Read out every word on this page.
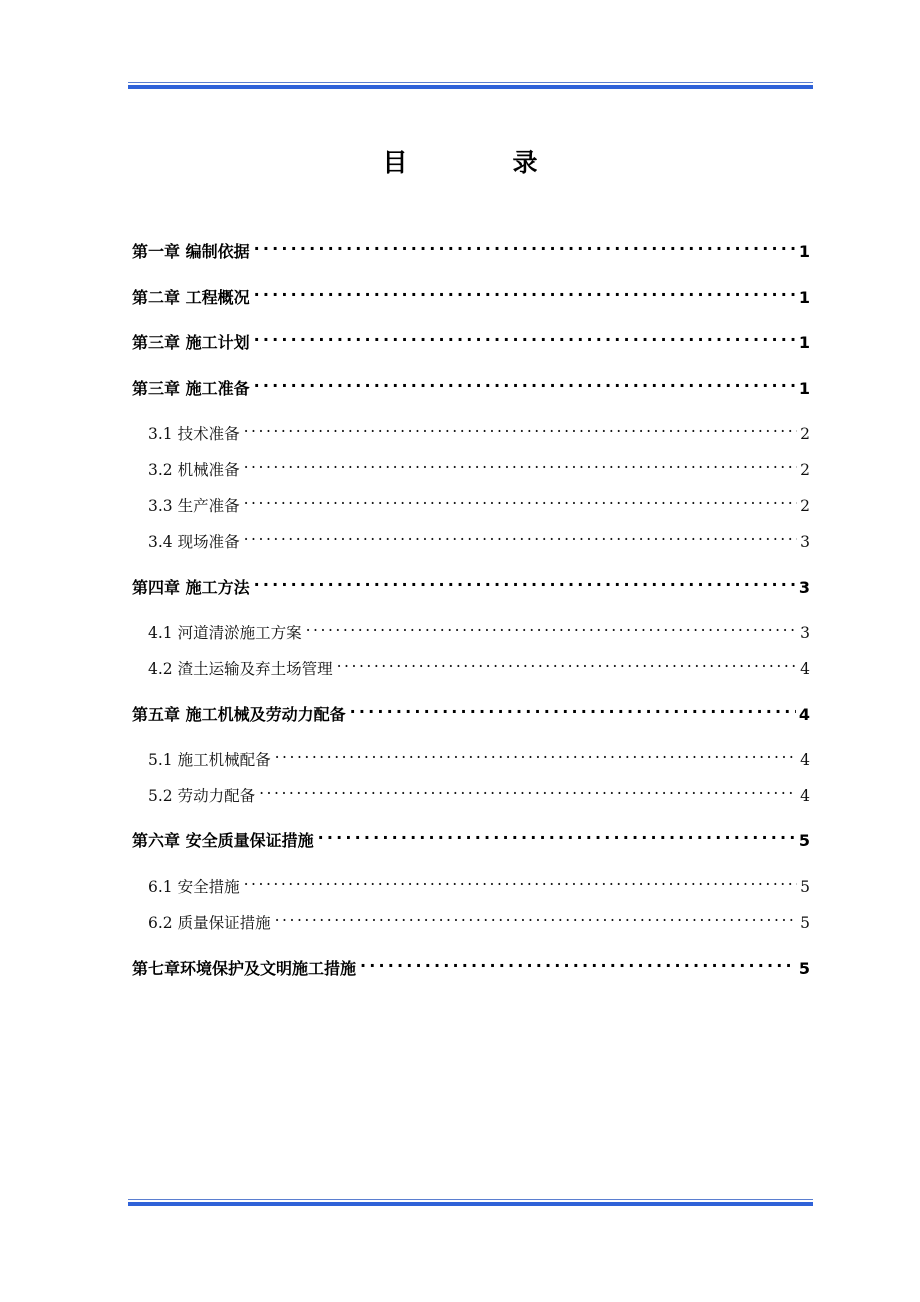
目　录
第一章 编制依据 . . .	1
第二章 工程概况 . . .	1
第三章 施工计划 . . .	1
第三章 施工准备 . . .	1
3.1 技术准备 . . .	2
3.2 机械准备 . . .	2
3.3 生产准备 . . .	2
3.4 现场准备 . . .	3
第四章 施工方法 . . .	3
4.1 河道清淤施工方案 . . .	3
4.2 渣土运输及弃土场管理 . . .	4
第五章 施工机械及劳动力配备 . . .	4
5.1 施工机械配备 . . .	4
5.2 劳动力配备 . . .	4
第六章 安全质量保证措施 . . .	5
6.1 安全措施 . . .	5
6.2 质量保证措施 . . .	5
第七章环境保护及文明施工措施 . . .	5
